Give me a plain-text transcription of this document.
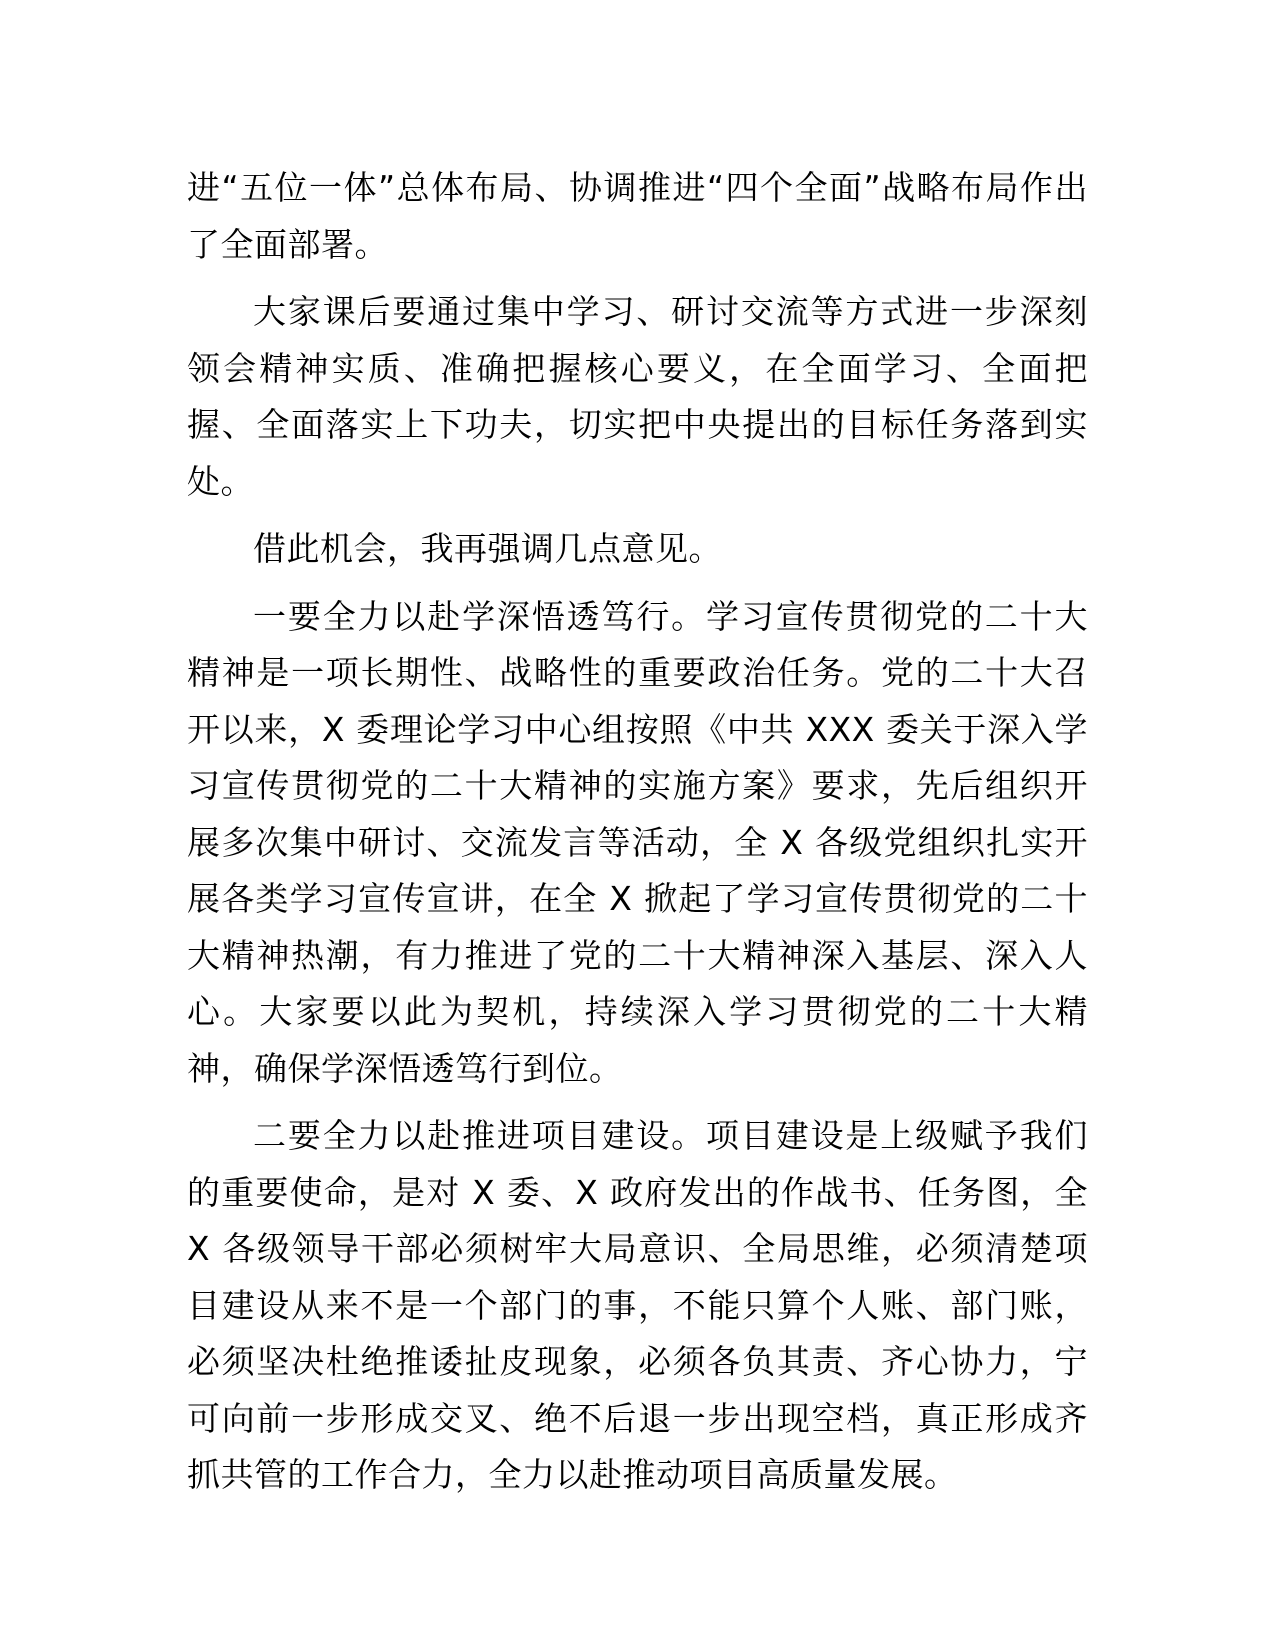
进“五位一体”总体布局、协调推进“四个全面”战略布局作出了全面部署。

大家课后要通过集中学习、研讨交流等方式进一步深刻领会精神实质、准确把握核心要义，在全面学习、全面把握、全面落实上下功夫，切实把中央提出的目标任务落到实处。

借此机会，我再强调几点意见。

一要全力以赴学深悟透笃行。学习宣传贯彻党的二十大精神是一项长期性、战略性的重要政治任务。党的二十大召开以来，X 委理论学习中心组按照《中共 XXX 委关于深入学习宣传贯彻党的二十大精神的实施方案》要求，先后组织开展多次集中研讨、交流发言等活动，全 X 各级党组织扎实开展各类学习宣传宣讲，在全 X 掀起了学习宣传贯彻党的二十大精神热潮，有力推进了党的二十大精神深入基层、深入人心。大家要以此为契机，持续深入学习贯彻党的二十大精神，确保学深悟透笃行到位。

二要全力以赴推进项目建设。项目建设是上级赋予我们的重要使命，是对 X 委、X 政府发出的作战书、任务图，全 X 各级领导干部必须树牢大局意识、全局思维，必须清楚项目建设从来不是一个部门的事，不能只算个人账、部门账，必须坚决杜绝推诿扯皮现象，必须各负其责、齐心协力，宁可向前一步形成交叉、绝不后退一步出现空档，真正形成齐抓共管的工作合力，全力以赴推动项目高质量发展。
